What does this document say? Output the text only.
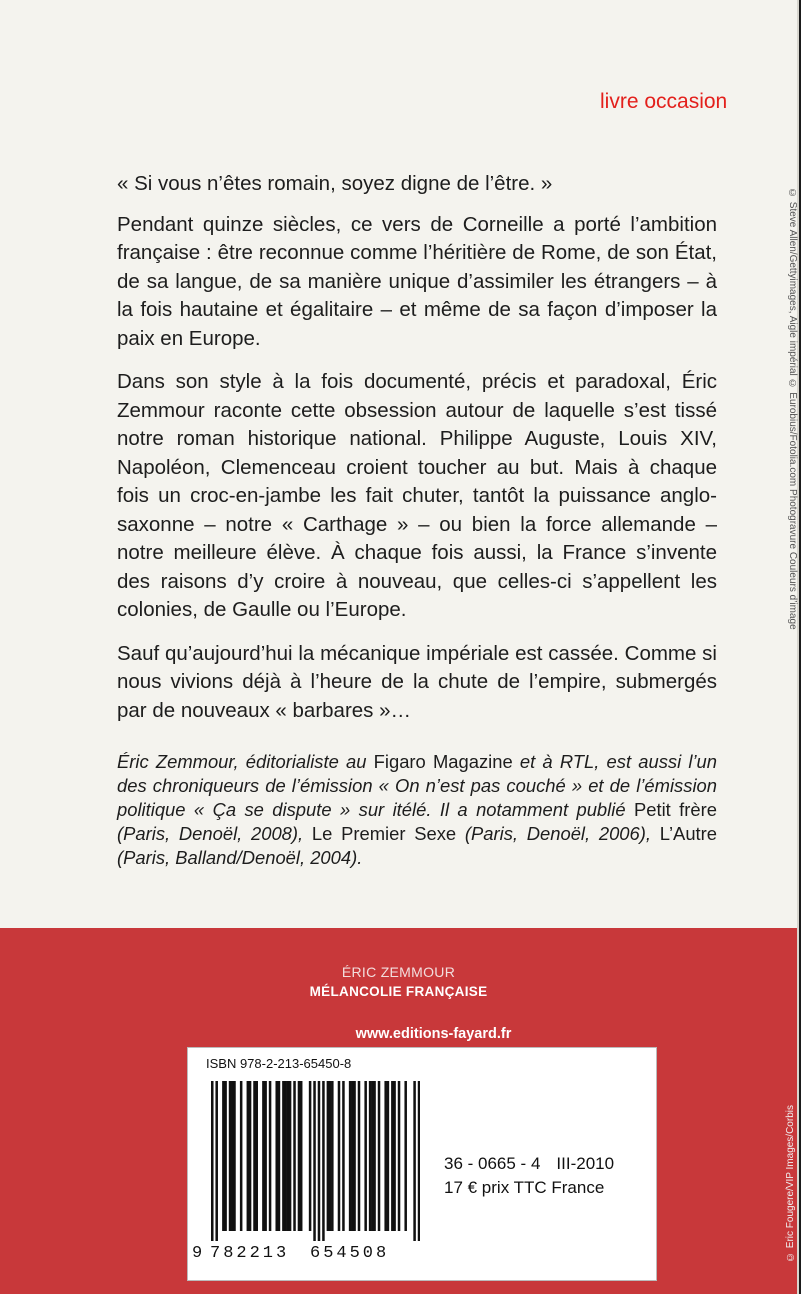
livre occasion

« Si vous n’êtes romain, soyez digne de l’être. »

Pendant quinze siècles, ce vers de Corneille a porté l’ambition française : être reconnue comme l’héritière de Rome, de son État, de sa langue, de sa manière unique d’assimiler les étrangers – à la fois hautaine et égalitaire – et même de sa façon d’imposer la paix en Europe.

Dans son style à la fois documenté, précis et paradoxal, Éric Zemmour raconte cette obsession autour de laquelle s’est tissé notre roman historique national. Philippe Auguste, Louis XIV, Napoléon, Clemenceau croient toucher au but. Mais à chaque fois un croc-en-jambe les fait chuter, tantôt la puissance anglo-saxonne – notre « Carthage » – ou bien la force allemande – notre meilleure élève. À chaque fois aussi, la France s’invente des raisons d’y croire à nouveau, que celles-ci s’appellent les colonies, de Gaulle ou l’Europe.

Sauf qu’aujourd’hui la mécanique impériale est cassée. Comme si nous vivions déjà à l’heure de la chute de l’empire, submergés par de nouveaux « barbares »…

Éric Zemmour, éditorialiste au Figaro Magazine et à RTL, est aussi l’un des chroniqueurs de l’émission « On n’est pas couché » et de l’émission politique « Ça se dispute » sur itélé. Il a notamment publié Petit frère (Paris, Denoël, 2008), Le Premier Sexe (Paris, Denoël, 2006), L’Autre (Paris, Balland/Denoël, 2004).

© Steve Allen/Gettyimages, Aigle impérial © Eurobius/Fotolia.com Photogravure Couleurs d’image
ÉRIC ZEMMOUR
MÉLANCOLIE FRANÇAISE
www.editions-fayard.fr
ISBN 978-2-213-65450-8
9 782213 654508
36 - 0665 - 4 III-2010
17 € prix TTC France	© Eric Fougere/VIP Images/Corbis
